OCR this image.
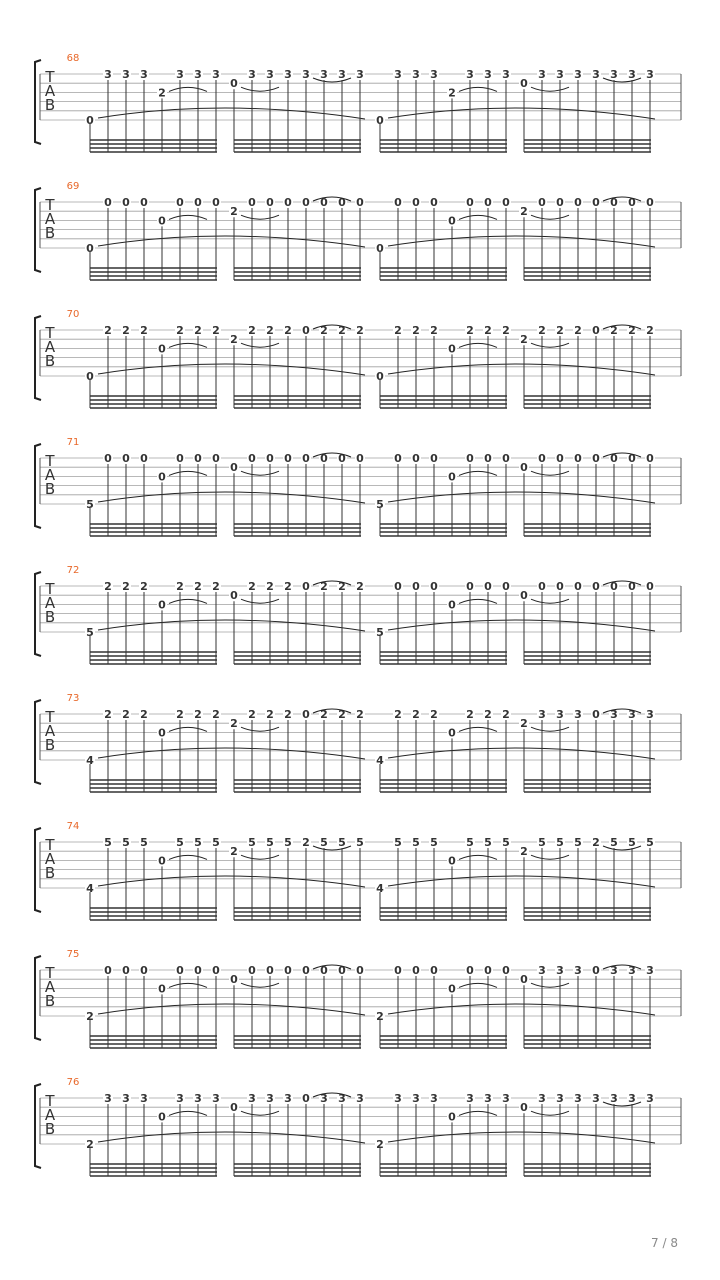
68
T
A
B
0
3 3 3	3 3 3	3 3 3	3 3 3
2
0
3
0
3 3 3	3 3 3	3 3 3	3 3 3
2
0
3
69
T
A
B
0
0 0 0	0 0 0	0 0 0	0 0 0
0
2
0
0
0 0 0	0 0 0	0 0 0	0 0 0
0
2
0
70
T
A
B
0
2 2 2	2 2 2	2 2 2	2 2 2
0
2
0
0
2 2 2	2 2 2	2 2 2	2 2 2
0
2
0
71
T
A
B
5
0 0 0	0 0 0	0 0 0	0 0 0
0
0
0
5
0 0 0	0 0 0	0 0 0	0 0 0
0
0
0
72
T
A
B
5
2 2 2	2 2 2	2 2 2	2 2 2
0
0
0
5
0 0 0	0 0 0	0 0 0	0 0 0
0
0
0
73
T
A
B
4
2 2 2	2 2 2	2 2 2	2 2 2
0
2
0
4
2 2 2	2 2 2	3 3 3	3 3 3
0
2
0
74
T
A
B
4
5 5 5	5 5 5	5 5 5	5 5 5
0
2
2
4
5 5 5	5 5 5	5 5 5	5 5 5
0
2
2
75
T
A
B
2
0 0 0	0 0 0	0 0 0	0 0 0
0
0
0
2
0 0 0	0 0 0	3 3 3	3 3 3
0
0
0
76
T
A
B
2
3 3 3	3 3 3	3 3 3	3 3 3
0
0
0
2
3 3 3	3 3 3	3 3 3	3 3 3
0
0
3
7 / 8
